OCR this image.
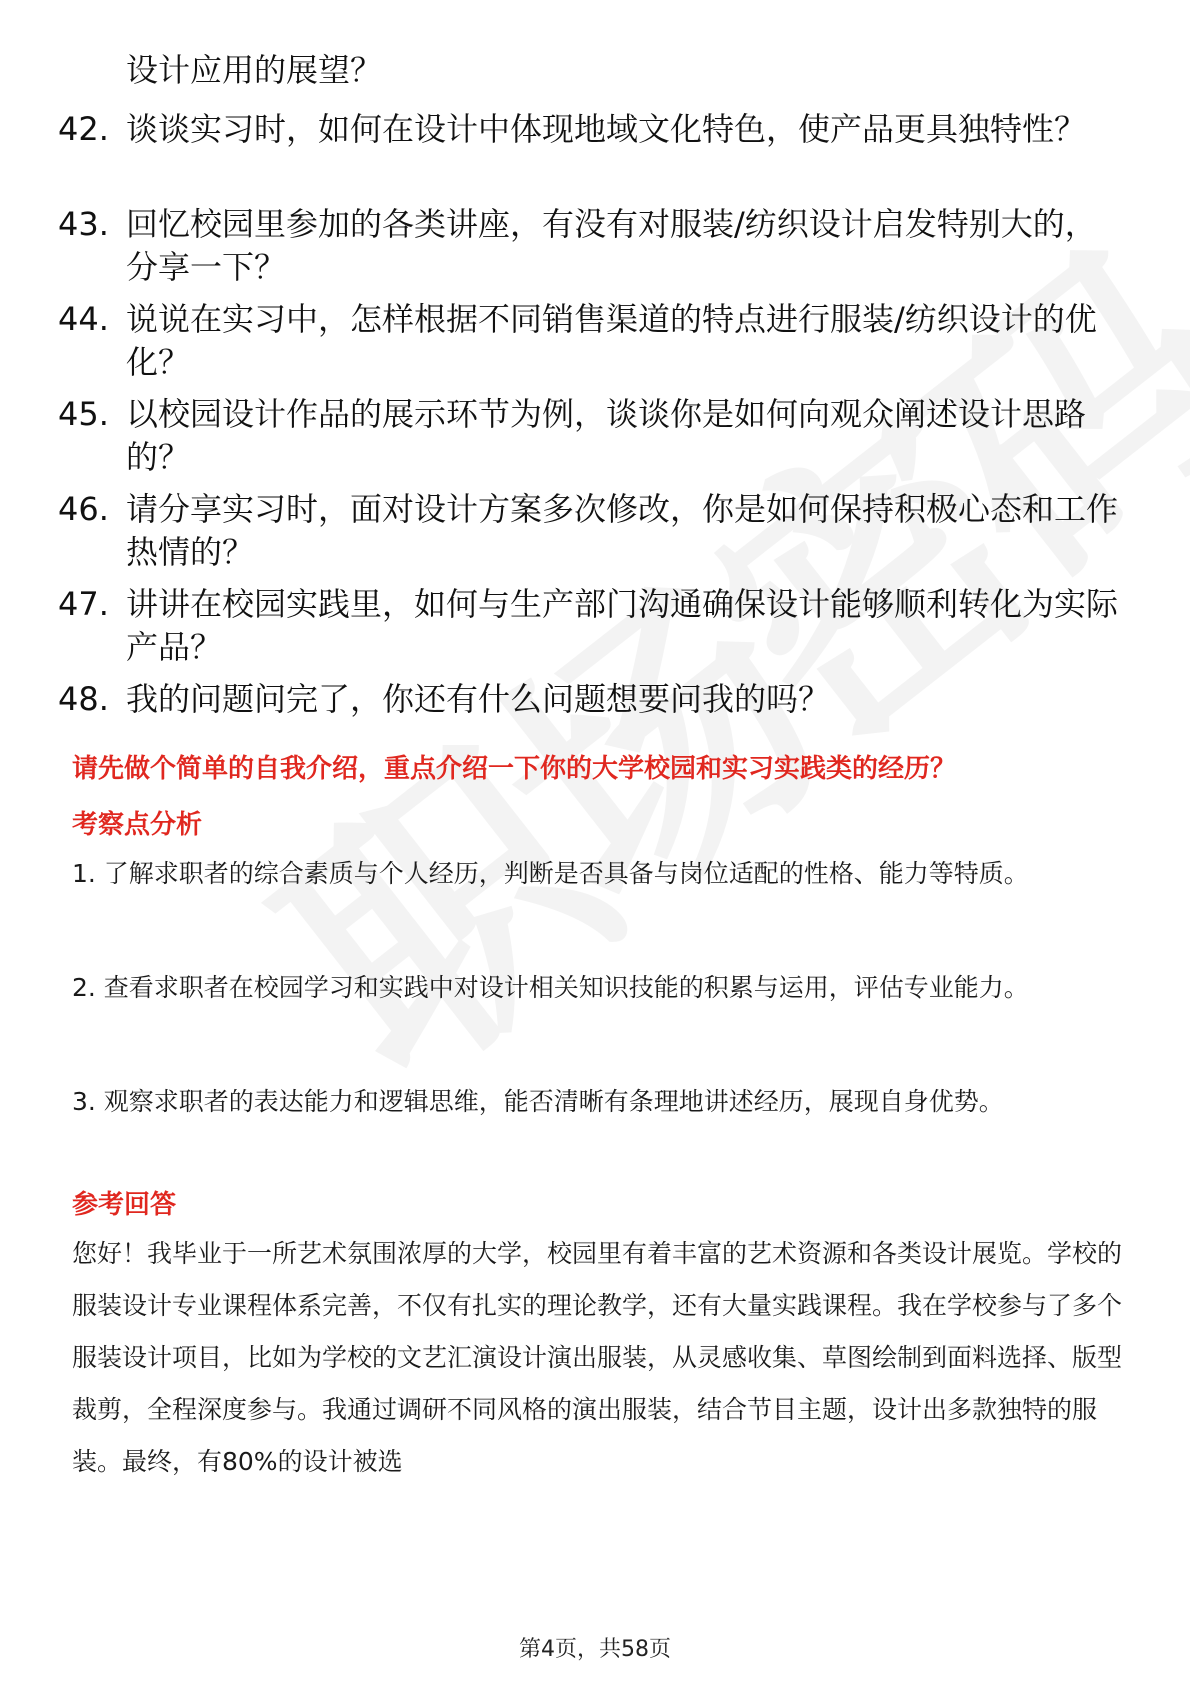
设计应用的展望？
42. 谈谈实习时，如何在设计中体现地域文化特色，使产品更具独特性？
43. 回忆校园里参加的各类讲座，有没有对服装/纺织设计启发特别大的，分享一下？
44. 说说在实习中，怎样根据不同销售渠道的特点进行服装/纺织设计的优化？
45. 以校园设计作品的展示环节为例，谈谈你是如何向观众阐述设计思路的？
46. 请分享实习时，面对设计方案多次修改，你是如何保持积极心态和工作热情的？
47. 讲讲在校园实践里，如何与生产部门沟通确保设计能够顺利转化为实际产品？
48. 我的问题问完了，你还有什么问题想要问我的吗？
请先做个简单的自我介绍，重点介绍一下你的大学校园和实习实践类的经历？
考察点分析
1. 了解求职者的综合素质与个人经历，判断是否具备与岗位适配的性格、能力等特质。
2. 查看求职者在校园学习和实践中对设计相关知识技能的积累与运用，评估专业能力。
3. 观察求职者的表达能力和逻辑思维，能否清晰有条理地讲述经历，展现自身优势。
参考回答
您好！我毕业于一所艺术氛围浓厚的大学，校园里有着丰富的艺术资源和各类设计展览。学校的服装设计专业课程体系完善，不仅有扎实的理论教学，还有大量实践课程。我在学校参与了多个服装设计项目，比如为学校的文艺汇演设计演出服装，从灵感收集、草图绘制到面料选择、版型裁剪，全程深度参与。我通过调研不同风格的演出服装，结合节目主题，设计出多款独特的服装。最终，有80%的设计被选
第4页，共58页
